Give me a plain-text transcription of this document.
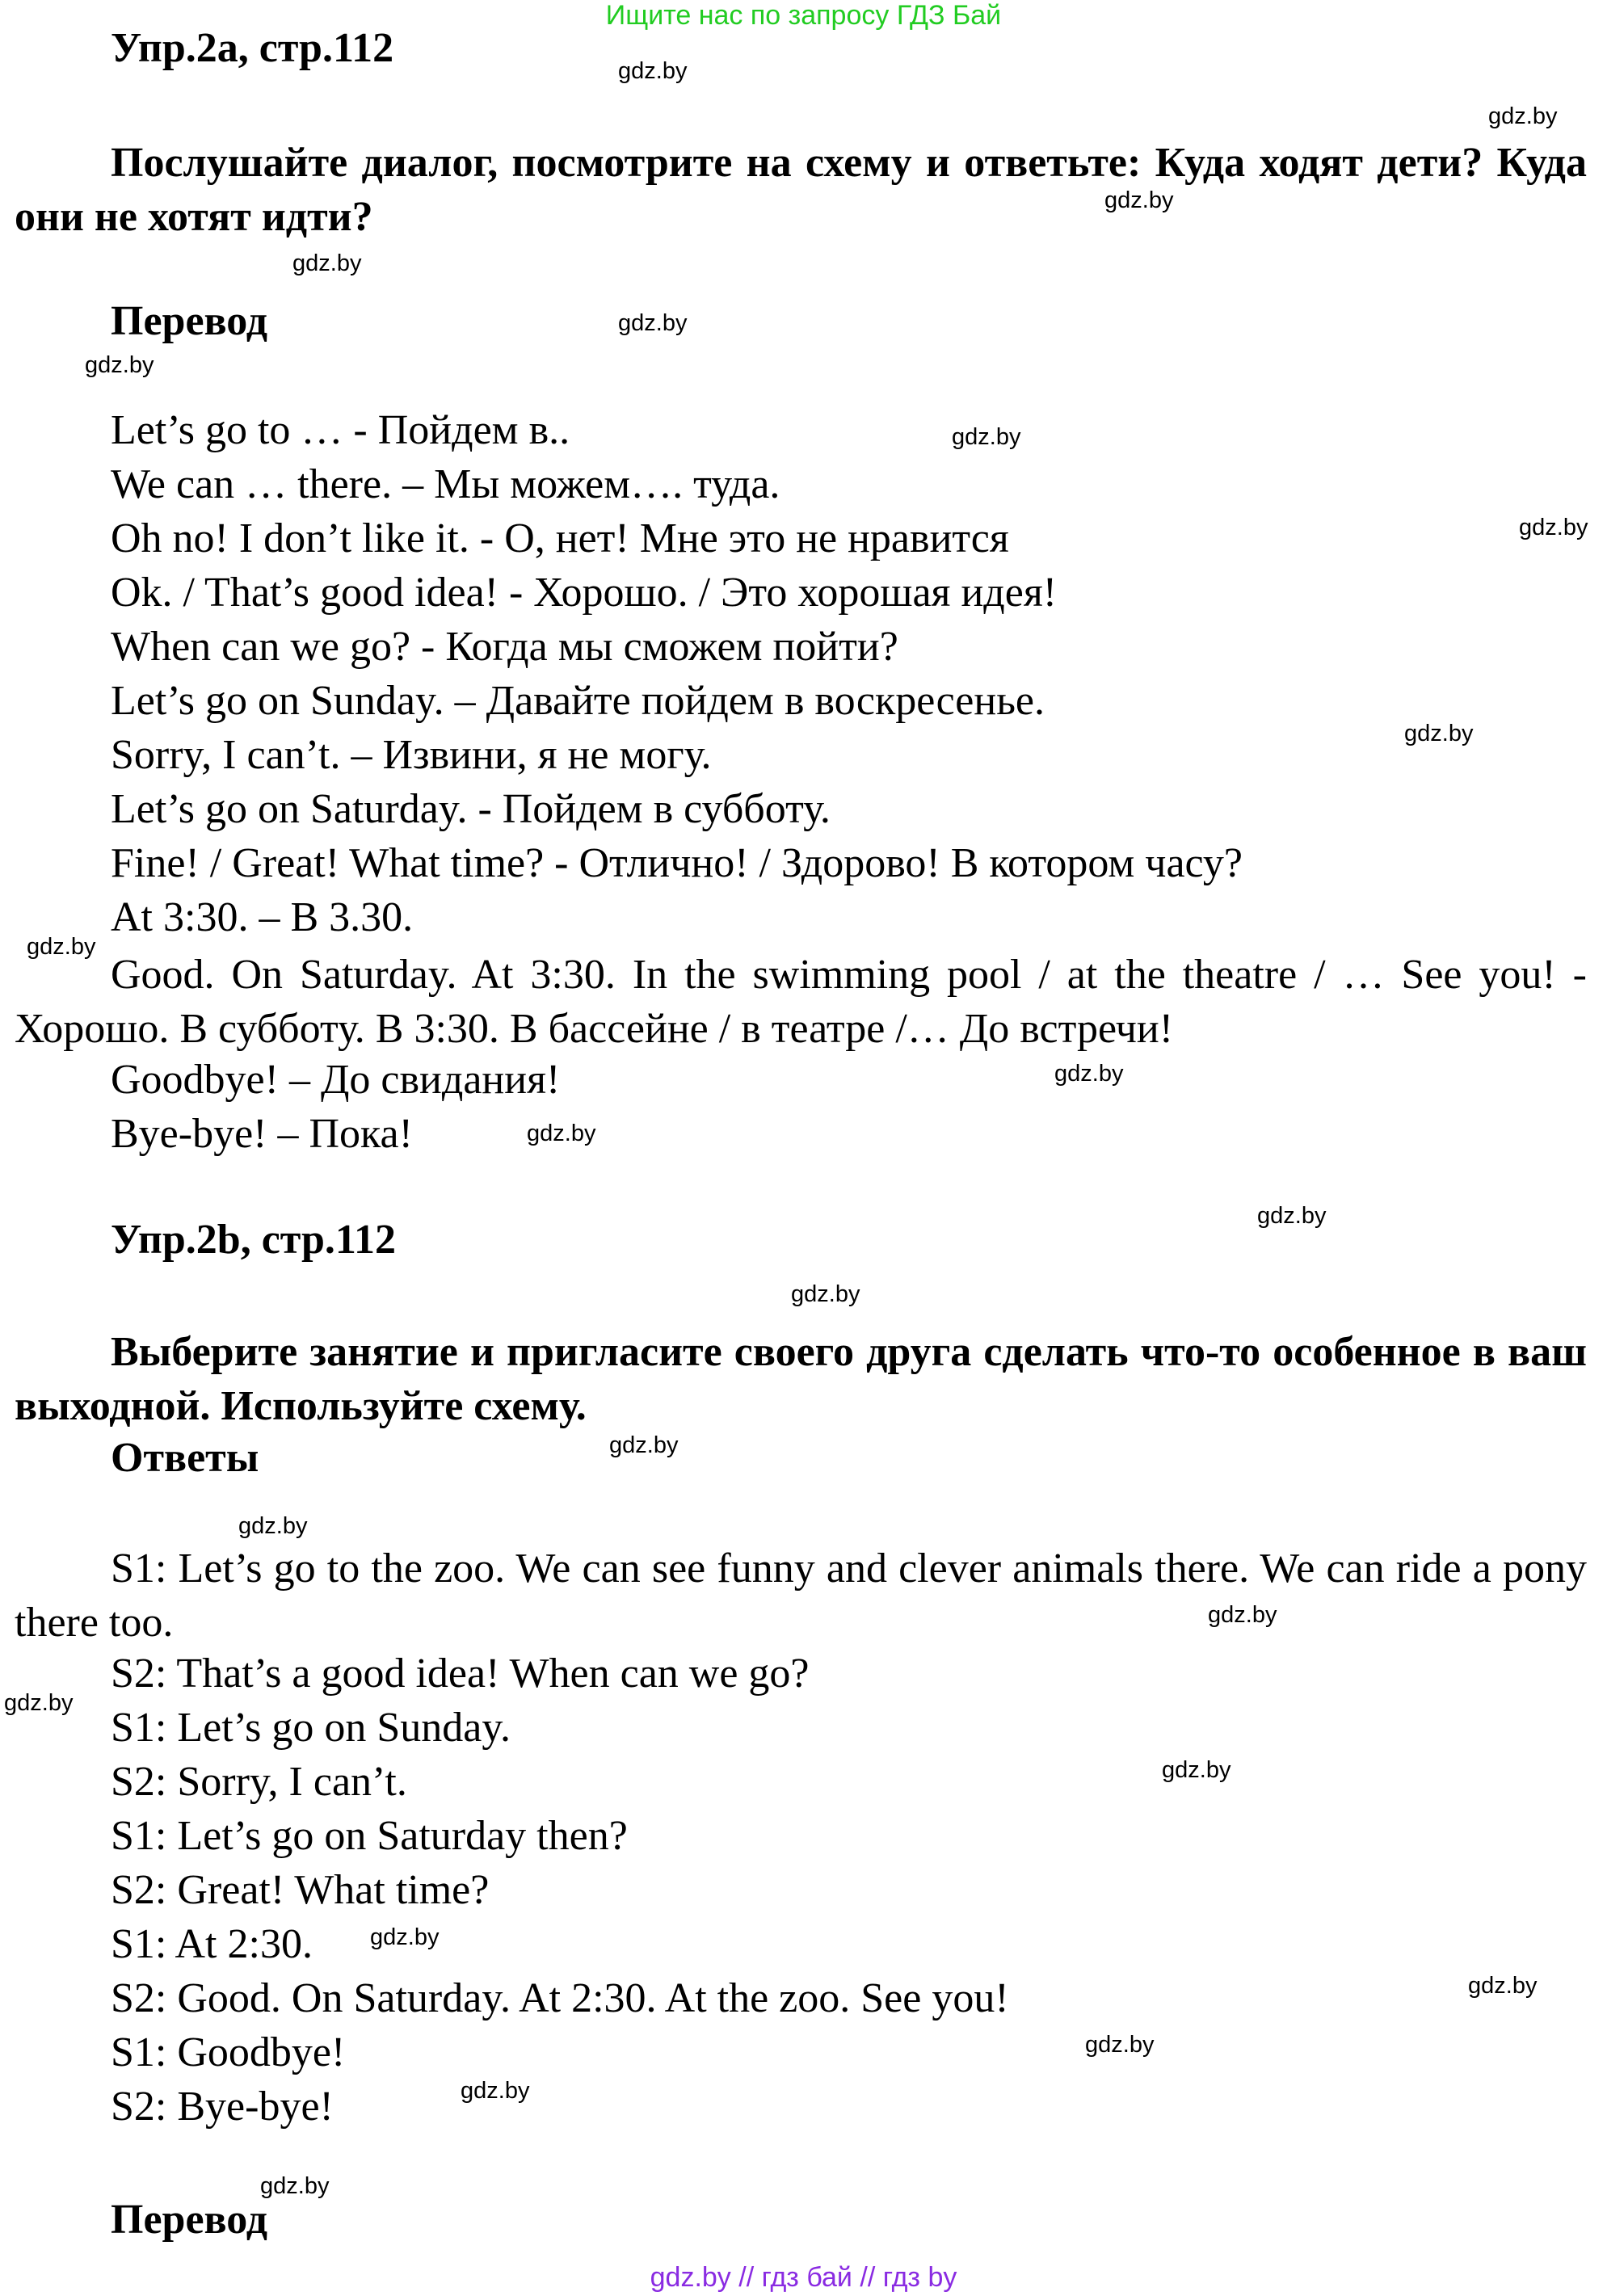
Ищите нас по запросу ГДЗ Бай
Упр.2а, стр.112
Послушайте диалог, посмотрите на схему и ответьте: Куда ходят дети? Куда они не хотят идти?
Перевод
Let’s go to … - Пойдем в..
We can … there. – Мы можем…. туда.
Oh no! I don’t like it. - О, нет! Мне это не нравится
Ok. / That’s good idea! - Хорошо. / Это хорошая идея!
When can we go? - Когда мы сможем пойти?
Let’s go on Sunday. – Давайте пойдем в воскресенье.
Sorry, I can’t. – Извини, я не могу.
Let’s go on Saturday. - Пойдем в субботу.
Fine! / Great! What time? - Отлично! / Здорово! В котором часу?
At 3:30. – В 3.30.
Good. On Saturday. At 3:30. In the swimming pool / at the theatre / … See you! - Хорошо. В субботу. В 3:30. В бассейне / в театре /… До встречи!
Goodbye! – До свидания!
Bye-bye! – Пока!
Упр.2b, стр.112
Выберите занятие и пригласите своего друга сделать что-то особенное в ваш выходной. Используйте схему.
Ответы
S1: Let’s go to the zoo. We can see funny and clever animals there. We can ride a pony there too.
S2: That’s a good idea! When can we go?
S1: Let’s go on Sunday.
S2: Sorry, I can’t.
S1: Let’s go on Saturday then?
S2: Great! What time?
S1: At 2:30.
S2: Good. On Saturday. At 2:30. At the zoo. See you!
S1: Goodbye!
S2: Bye-bye!
Перевод
gdz.by
gdz.by
gdz.by
gdz.by
gdz.by
gdz.by
gdz.by
gdz.by
gdz.by
gdz.by
gdz.by
gdz.by
gdz.by
gdz.by
gdz.by
gdz.by
gdz.by
gdz.by
gdz.by
gdz.by
gdz.by
gdz.by
gdz.by
gdz.by
gdz.by // гдз бай // гдз by
